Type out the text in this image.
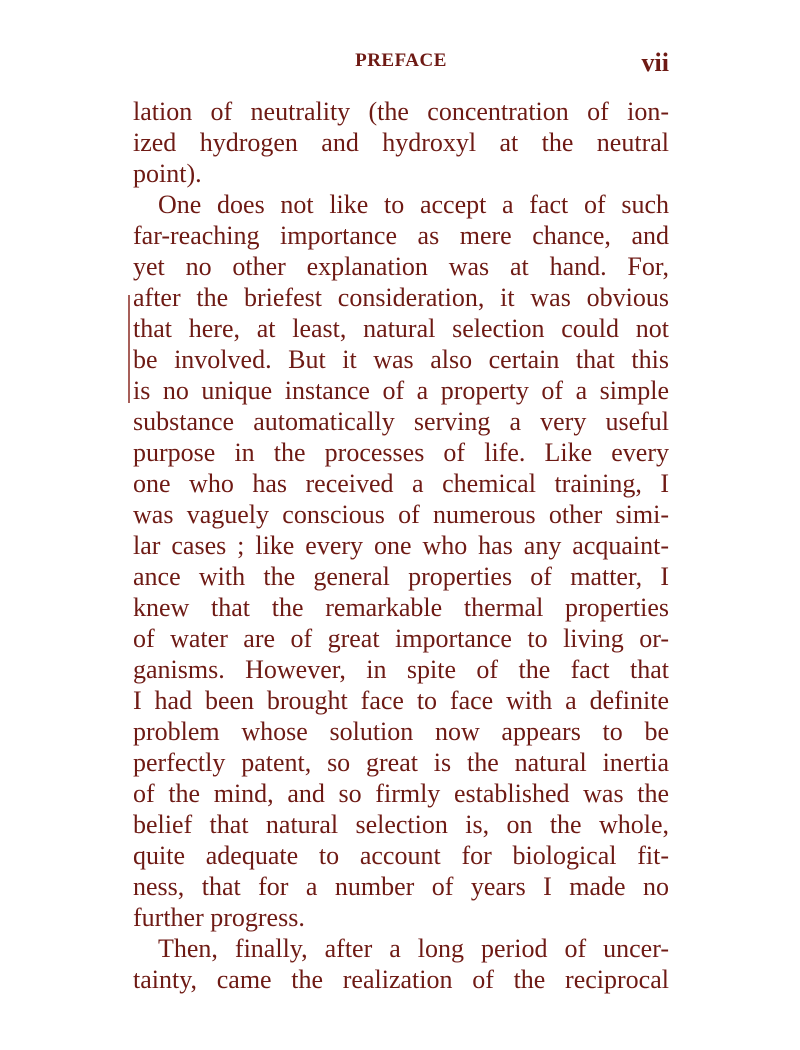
PREFACE	vii
lation of neutrality (the concentration of ion-
ized hydrogen and hydroxyl at the neutral
point).
One does not like to accept a fact of such
far-reaching importance as mere chance, and
yet no other explanation was at hand. For,
after the briefest consideration, it was obvious
that here, at least, natural selection could not
be involved. But it was also certain that this
is no unique instance of a property of a simple
substance automatically serving a very useful
purpose in the processes of life. Like every
one who has received a chemical training, I
was vaguely conscious of numerous other simi-
lar cases ; like every one who has any acquaint-
ance with the general properties of matter, I
knew that the remarkable thermal properties
of water are of great importance to living or-
ganisms. However, in spite of the fact that
I had been brought face to face with a definite
problem whose solution now appears to be
perfectly patent, so great is the natural inertia
of the mind, and so firmly established was the
belief that natural selection is, on the whole,
quite adequate to account for biological fit-
ness, that for a number of years I made no
further progress.
Then, finally, after a long period of uncer-
tainty, came the realization of the reciprocal
